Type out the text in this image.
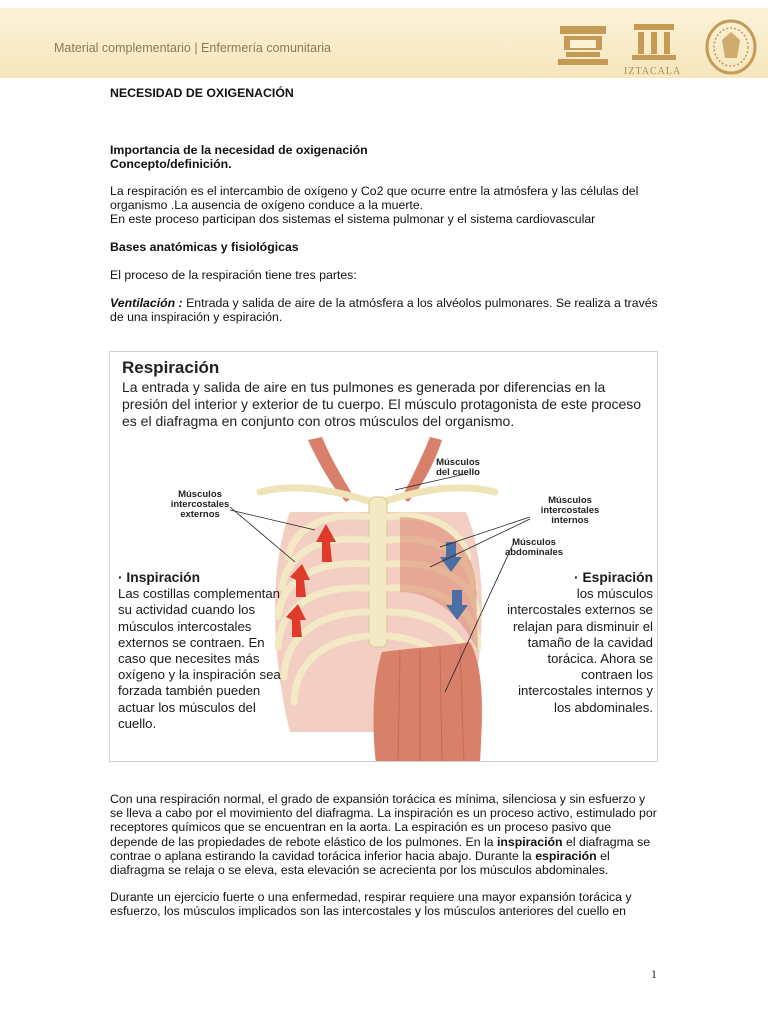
Material complementario | Enfermería comunitaria
IZTACALA
NECESIDAD DE OXIGENACIÓN
Importancia de la necesidad de oxigenación
Concepto/definición.

La respiración es el intercambio de oxígeno y Co2 que ocurre entre la atmósfera y las células del organismo .La ausencia de oxígeno conduce a la muerte.

En este proceso participan dos sistemas el sistema pulmonar y el sistema cardiovascular

Bases anatómicas y fisiológicas
El proceso de la respiración tiene tres partes:
Ventilación : Entrada y salida de aire de la atmósfera a los alvéolos pulmonares. Se realiza a través de una inspiración y espiración.
Respiración
La entrada y salida de aire en tus pulmones es generada por diferencias en la presión del interior y exterior de tu cuerpo. El músculo protagonista de este proceso es el diafragma en conjunto con otros músculos del organismo.
Músculos del cuello
Músculos intercostales externos
Músculos intercostales internos
Músculos abdominales
· Inspiración
Las costillas complementan su actividad cuando los músculos intercostales externos se contraen. En caso que necesites más oxígeno y la inspiración sea forzada también pueden actuar los músculos del cuello.
· Espiración
los músculos intercostales externos se relajan para disminuir el tamaño de la cavidad torácica. Ahora se contraen los intercostales internos y los abdominales.
Con una respiración normal, el grado de expansión torácica es mínima, silenciosa y sin esfuerzo y se lleva a cabo por el movimiento del diafragma. La inspiración es un proceso activo, estimulado por receptores químicos que se encuentran en la aorta. La espiración es un proceso pasivo que depende de las propiedades de rebote elástico de los pulmones. En la inspiración el diafragma se contrae o aplana estirando la cavidad torácica inferior hacia abajo. Durante la espiración el diafragma se relaja o se eleva, esta elevación se acrecienta por los músculos abdominales.
Durante un ejercicio fuerte o una enfermedad, respirar requiere una mayor expansión torácica y esfuerzo, los músculos implicados son las intercostales y los músculos anteriores del cuello en
1
